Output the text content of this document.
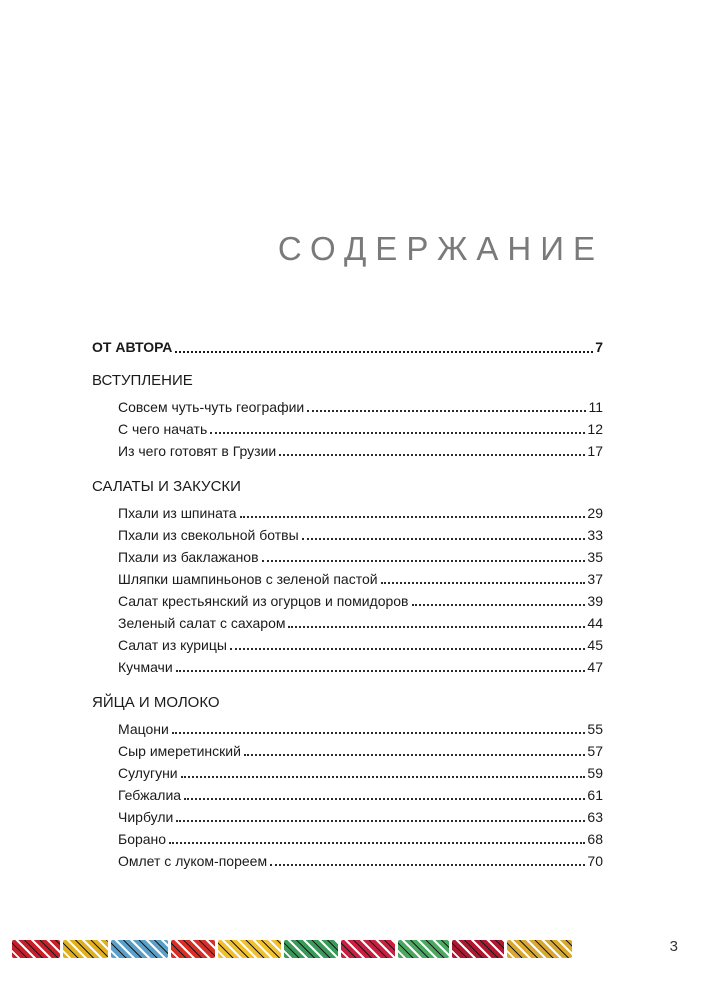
СОДЕРЖАНИЕ
ОТ АВТОРА	7
ВСТУПЛЕНИЕ
Совсем чуть-чуть географии	11
С чего начать	12
Из чего готовят в Грузии	17
САЛАТЫ И ЗАКУСКИ
Пхали из шпината	29
Пхали из свекольной ботвы	33
Пхали из баклажанов	35
Шляпки шампиньонов с зеленой пастой	37
Салат крестьянский из огурцов и помидоров	39
Зеленый салат с сахаром	44
Салат из курицы	45
Кучмачи	47
ЯЙЦА И МОЛОКО
Мацони	55
Сыр имеретинский	57
Сулугуни	59
Гебжалиа	61
Чирбули	63
Борано	68
Омлет с луком-пореем	70
3
